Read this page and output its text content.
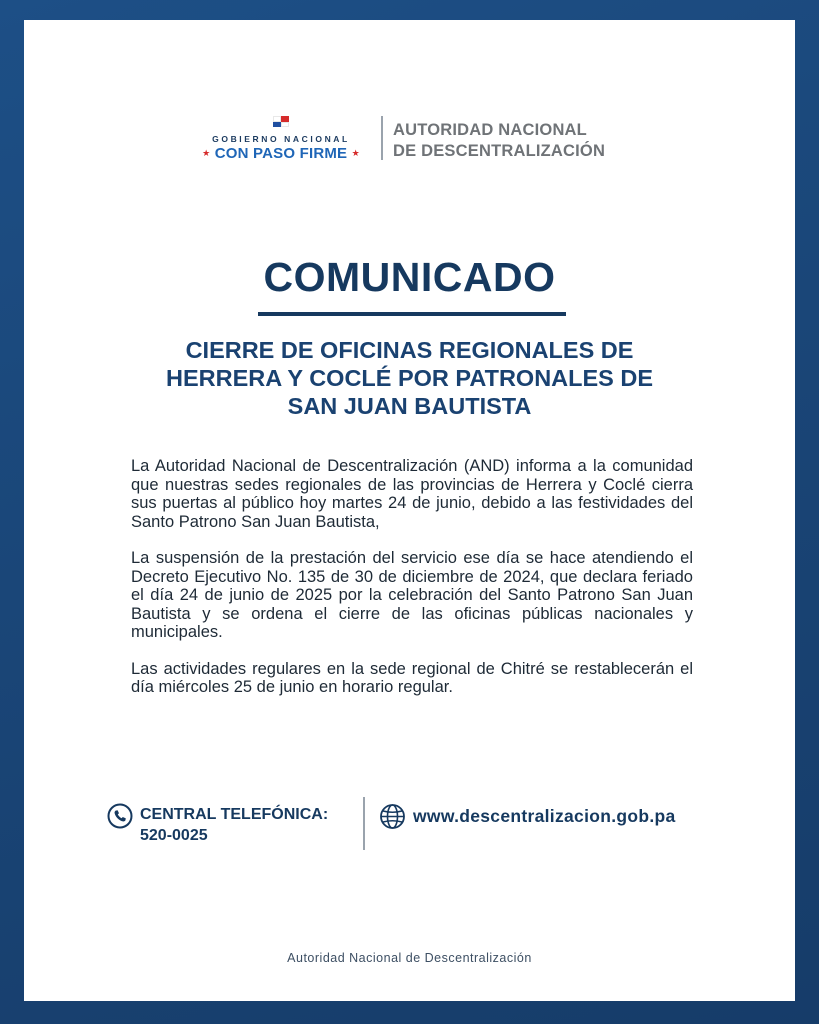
GOBIERNO NACIONAL
★ CON PASO FIRME ★
AUTORIDAD NACIONAL
DE DESCENTRALIZACIÓN
COMUNICADO
CIERRE DE OFICINAS REGIONALES DE
HERRERA Y COCLÉ POR PATRONALES DE
SAN JUAN BAUTISTA

La Autoridad Nacional de Descentralización (AND) informa a la comunidad que nuestras sedes regionales de las provincias de Herrera y Coclé cierra sus puertas al público hoy martes 24 de junio, debido a las festividades del Santo Patrono San Juan Bautista,

La suspensión de la prestación del servicio ese día se hace atendiendo el Decreto Ejecutivo No. 135 de 30 de diciembre de 2024, que declara feriado el día 24 de junio de 2025 por la celebración del Santo Patrono San Juan Bautista y se ordena el cierre de las oficinas públicas nacionales y municipales.

Las actividades regulares en la sede regional de Chitré se restablecerán el día miércoles 25 de junio en horario regular.

CENTRAL TELEFÓNICA:
520-0025
www.descentralizacion.gob.pa
Autoridad Nacional de Descentralización
